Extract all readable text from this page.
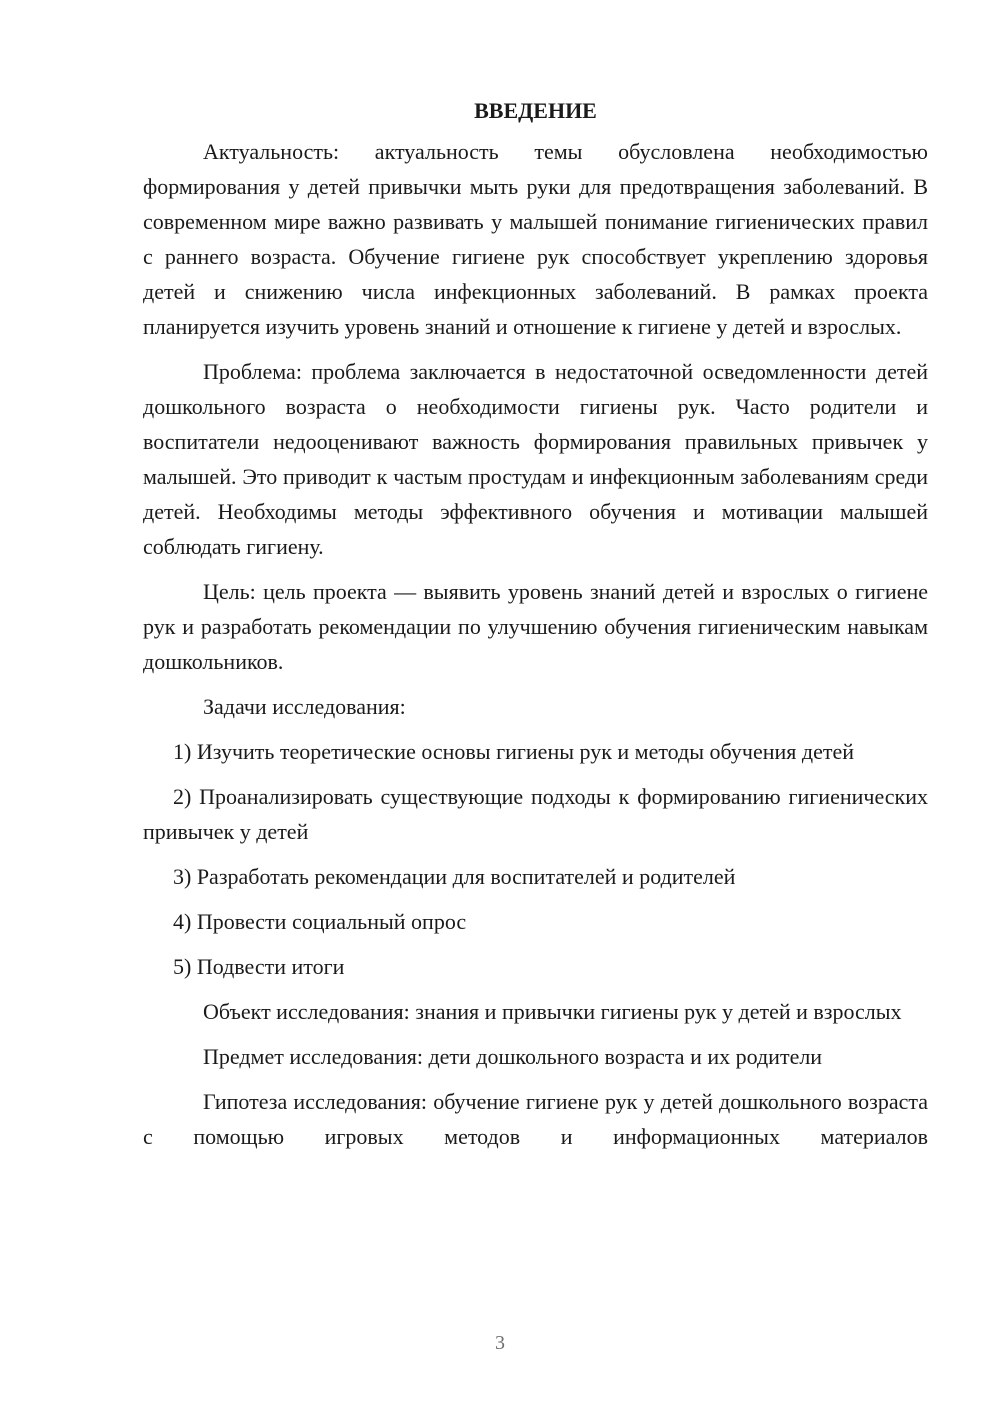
ВВЕДЕНИЕ

Актуальность: актуальность темы обусловлена необходимостью формирования у детей привычки мыть руки для предотвращения заболеваний. В современном мире важно развивать у малышей понимание гигиенических правил с раннего возраста. Обучение гигиене рук способствует укреплению здоровья детей и снижению числа инфекционных заболеваний. В рамках проекта планируется изучить уровень знаний и отношение к гигиене у детей и взрослых.

Проблема: проблема заключается в недостаточной осведомленности детей дошкольного возраста о необходимости гигиены рук. Часто родители и воспитатели недооценивают важность формирования правильных привычек у малышей. Это приводит к частым простудам и инфекционным заболеваниям среди детей. Необходимы методы эффективного обучения и мотивации малышей соблюдать гигиену.

Цель: цель проекта — выявить уровень знаний детей и взрослых о гигиене рук и разработать рекомендации по улучшению обучения гигиеническим навыкам дошкольников.

Задачи исследования:

1) Изучить теоретические основы гигиены рук и методы обучения детей

2) Проанализировать существующие подходы к формированию гигиенических привычек у детей

3) Разработать рекомендации для воспитателей и родителей

4) Провести социальный опрос

5) Подвести итоги

Объект исследования: знания и привычки гигиены рук у детей и взрослых

Предмет исследования: дети дошкольного возраста и их родители

Гипотеза исследования: обучение гигиене рук у детей дошкольного возраста с помощью игровых методов и информационных материалов

3
